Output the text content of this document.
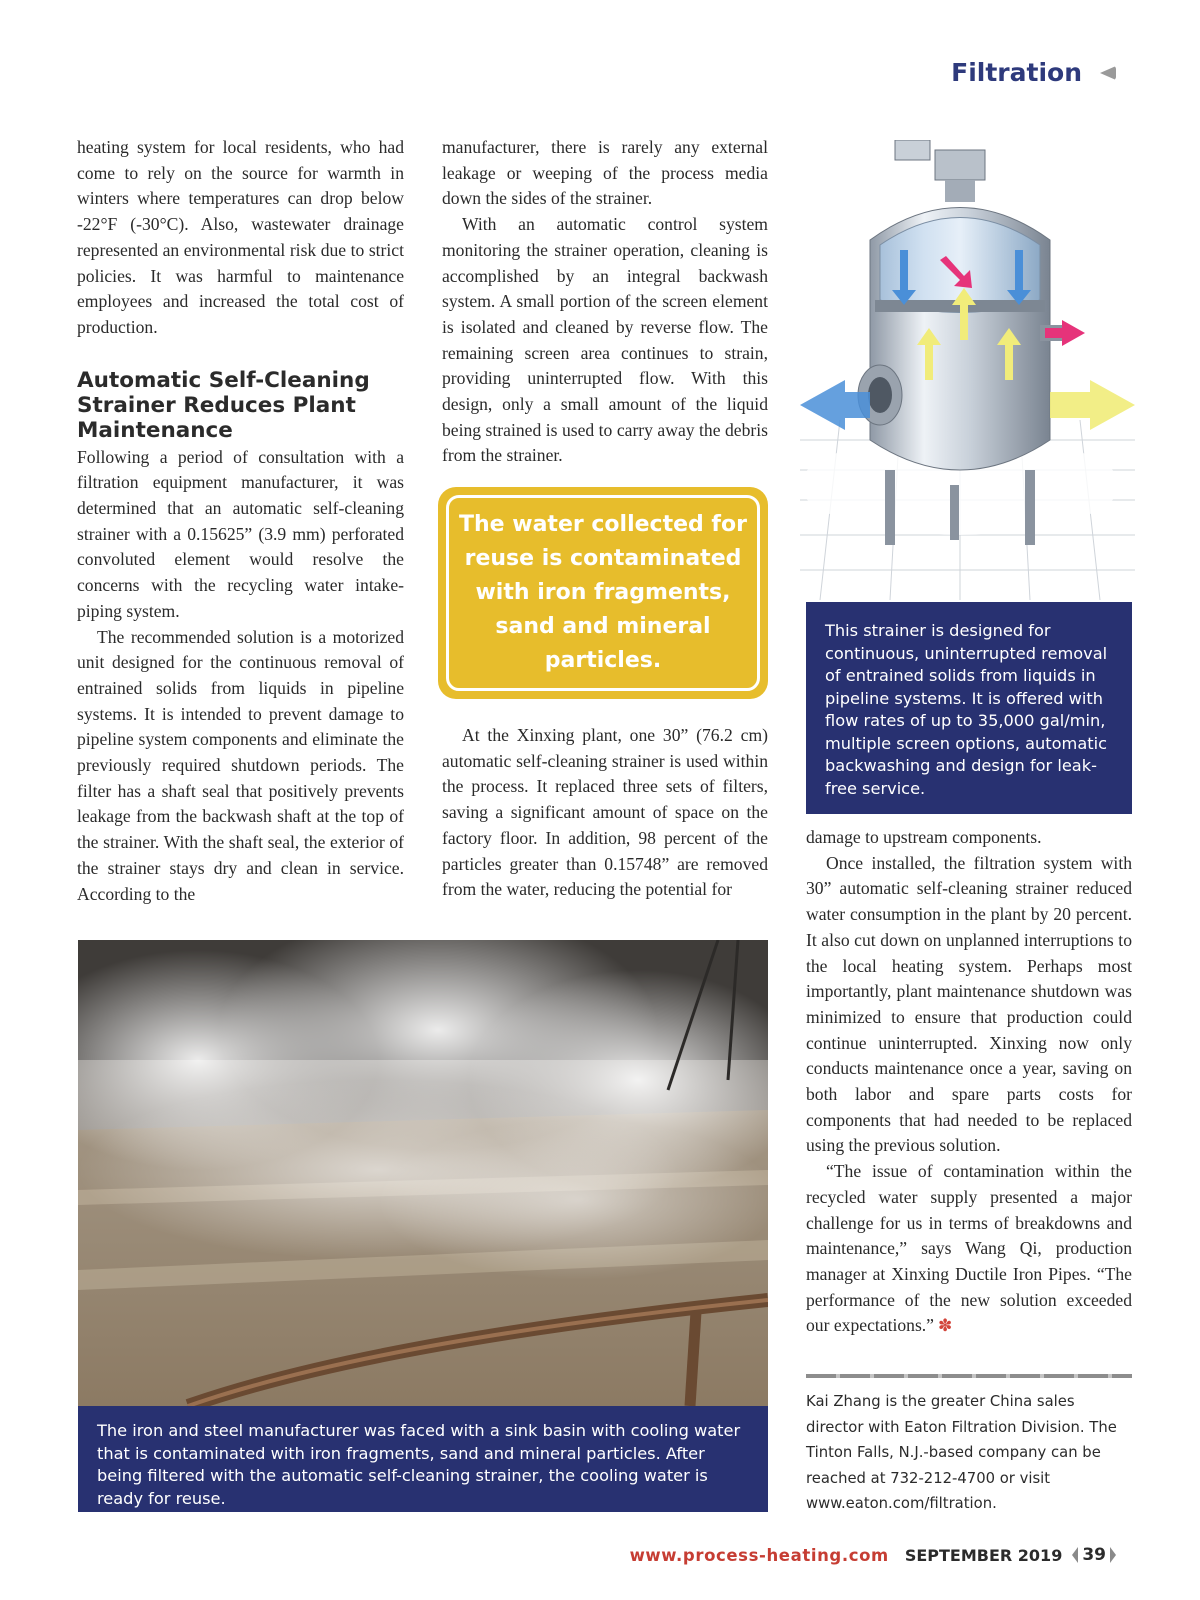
Filtration

heating system for local residents, who had come to rely on the source for warmth in winters where temperatures can drop below -22°F (-30°C). Also, wastewater drainage represented an environmental risk due to strict policies. It was harmful to maintenance employees and increased the total cost of production.

Automatic Self-Cleaning Strainer Reduces Plant Maintenance

Following a period of consultation with a filtration equipment manufacturer, it was determined that an automatic self-cleaning strainer with a 0.15625” (3.9 mm) perforated convoluted element would resolve the concerns with the recycling water intake-piping system.

The recommended solution is a motorized unit designed for the continuous removal of entrained solids from liquids in pipeline systems. It is intended to prevent damage to pipeline system components and eliminate the previously required shutdown periods. The filter has a shaft seal that positively prevents leakage from the backwash shaft at the top of the strainer. With the shaft seal, the exterior of the strainer stays dry and clean in service. According to the

manufacturer, there is rarely any external leakage or weeping of the process media down the sides of the strainer.

With an automatic control system monitoring the strainer operation, cleaning is accomplished by an integral backwash system. A small portion of the screen element is isolated and cleaned by reverse flow. The remaining screen area continues to strain, providing uninterrupted flow. With this design, only a small amount of the liquid being strained is used to carry away the debris from the strainer.

The water collected for reuse is contaminated with iron fragments, sand and mineral particles.

At the Xinxing plant, one 30” (76.2 cm) automatic self-cleaning strainer is used within the process. It replaced three sets of filters, saving a significant amount of space on the factory floor. In addition, 98 percent of the particles greater than 0.15748” are removed from the water, reducing the potential for

This strainer is designed for continuous, uninterrupted removal of entrained solids from liquids in pipeline systems. It is offered with flow rates of up to 35,000 gal/min, multiple screen options, automatic backwashing and design for leak-free service.

damage to upstream components.

Once installed, the filtration system with 30” automatic self-cleaning strainer reduced water consumption in the plant by 20 percent. It also cut down on unplanned interruptions to the local heating system. Perhaps most importantly, plant maintenance shutdown was minimized to ensure that production could continue uninterrupted. Xinxing now only conducts maintenance once a year, saving on both labor and spare parts costs for components that had needed to be replaced using the previous solution.

“The issue of contamination within the recycled water supply presented a major challenge for us in terms of breakdowns and maintenance,” says Wang Qi, production manager at Xinxing Ductile Iron Pipes. “The performance of the new solution exceeded our expectations.” ✽

The iron and steel manufacturer was faced with a sink basin with cooling water that is contaminated with iron fragments, sand and mineral particles. After being filtered with the automatic self-cleaning strainer, the cooling water is ready for reuse.
Kai Zhang is the greater China sales director with Eaton Filtration Division. The Tinton Falls, N.J.-based company can be reached at 732-212-4700 or visit www.eaton.com/filtration.
www.process-heating.com SEPTEMBER 2019 39
